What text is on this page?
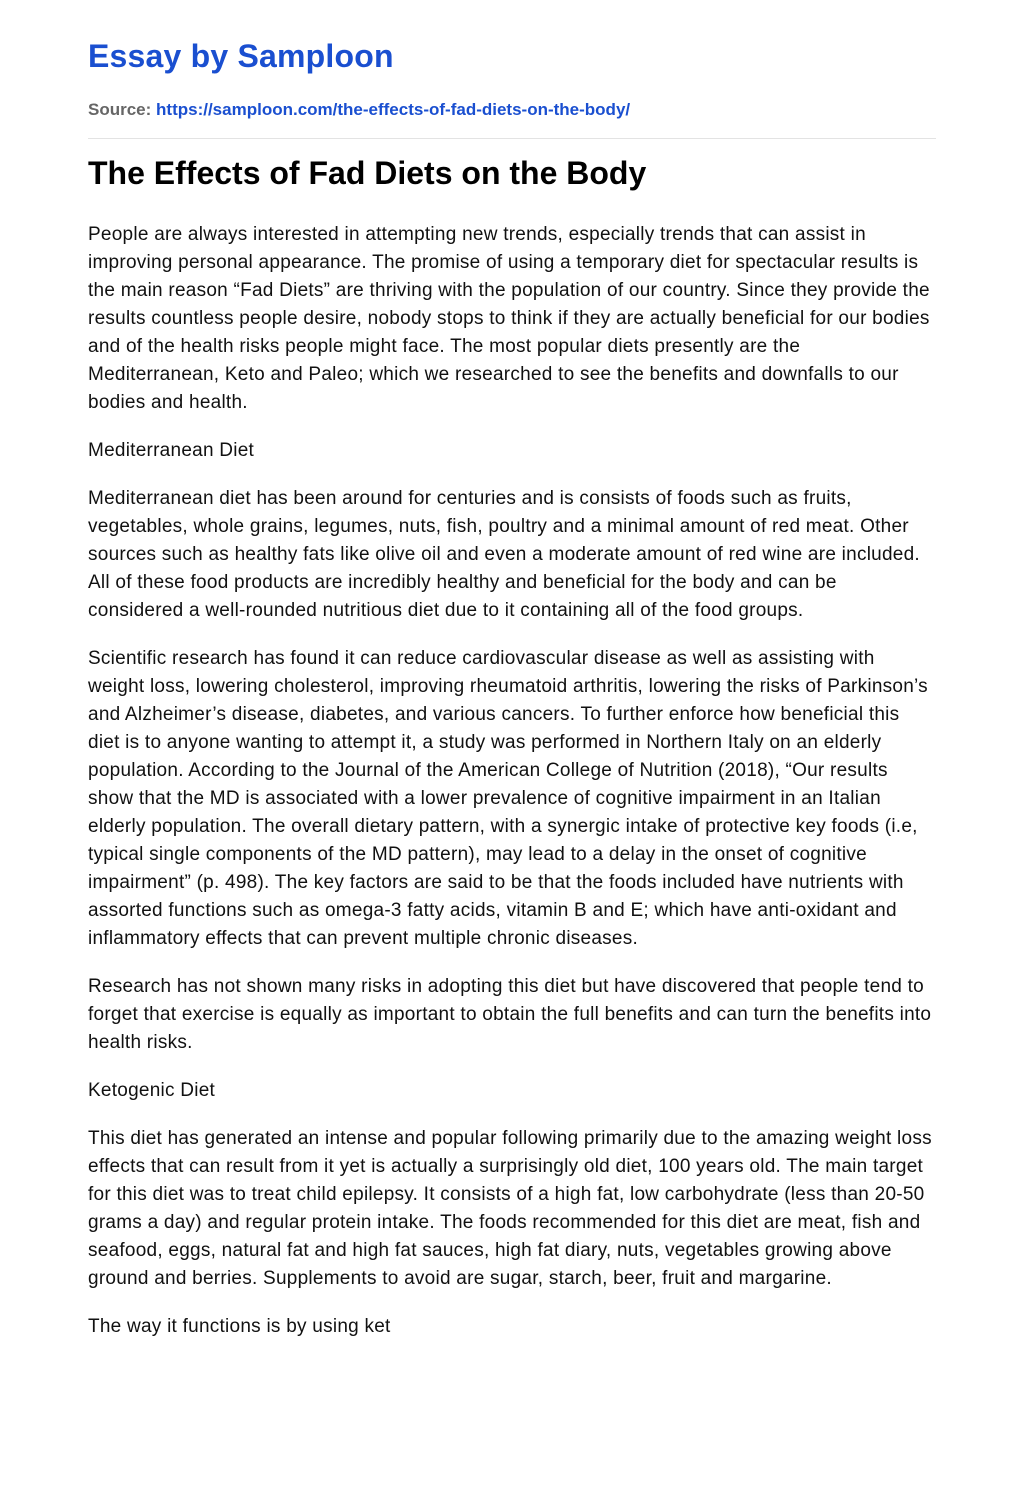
Essay by Samploon
Source: https://samploon.com/the-effects-of-fad-diets-on-the-body/
The Effects of Fad Diets on the Body

People are always interested in attempting new trends, especially trends that can assist in improving personal appearance. The promise of using a temporary diet for spectacular results is the main reason “Fad Diets” are thriving with the population of our country. Since they provide the results countless people desire, nobody stops to think if they are actually beneficial for our bodies and of the health risks people might face. The most popular diets presently are the Mediterranean, Keto and Paleo; which we researched to see the benefits and downfalls to our bodies and health.

Mediterranean Diet

Mediterranean diet has been around for centuries and is consists of foods such as fruits, vegetables, whole grains, legumes, nuts, fish, poultry and a minimal amount of red meat. Other sources such as healthy fats like olive oil and even a moderate amount of red wine are included. All of these food products are incredibly healthy and beneficial for the body and can be considered a well-rounded nutritious diet due to it containing all of the food groups.

Scientific research has found it can reduce cardiovascular disease as well as assisting with weight loss, lowering cholesterol, improving rheumatoid arthritis, lowering the risks of Parkinson’s and Alzheimer’s disease, diabetes, and various cancers. To further enforce how beneficial this diet is to anyone wanting to attempt it, a study was performed in Northern Italy on an elderly population. According to the Journal of the American College of Nutrition (2018), “Our results show that the MD is associated with a lower prevalence of cognitive impairment in an Italian elderly population. The overall dietary pattern, with a synergic intake of protective key foods (i.e, typical single components of the MD pattern), may lead to a delay in the onset of cognitive impairment” (p. 498). The key factors are said to be that the foods included have nutrients with assorted functions such as omega-3 fatty acids, vitamin B and E; which have anti-oxidant and inflammatory effects that can prevent multiple chronic diseases.

Research has not shown many risks in adopting this diet but have discovered that people tend to forget that exercise is equally as important to obtain the full benefits and can turn the benefits into health risks.

Ketogenic Diet

This diet has generated an intense and popular following primarily due to the amazing weight loss effects that can result from it yet is actually a surprisingly old diet, 100 years old. The main target for this diet was to treat child epilepsy. It consists of a high fat, low carbohydrate (less than 20-50 grams a day) and regular protein intake. The foods recommended for this diet are meat, fish and seafood, eggs, natural fat and high fat sauces, high fat diary, nuts, vegetables growing above ground and berries. Supplements to avoid are sugar, starch, beer, fruit and margarine.

The way it functions is by using ket
